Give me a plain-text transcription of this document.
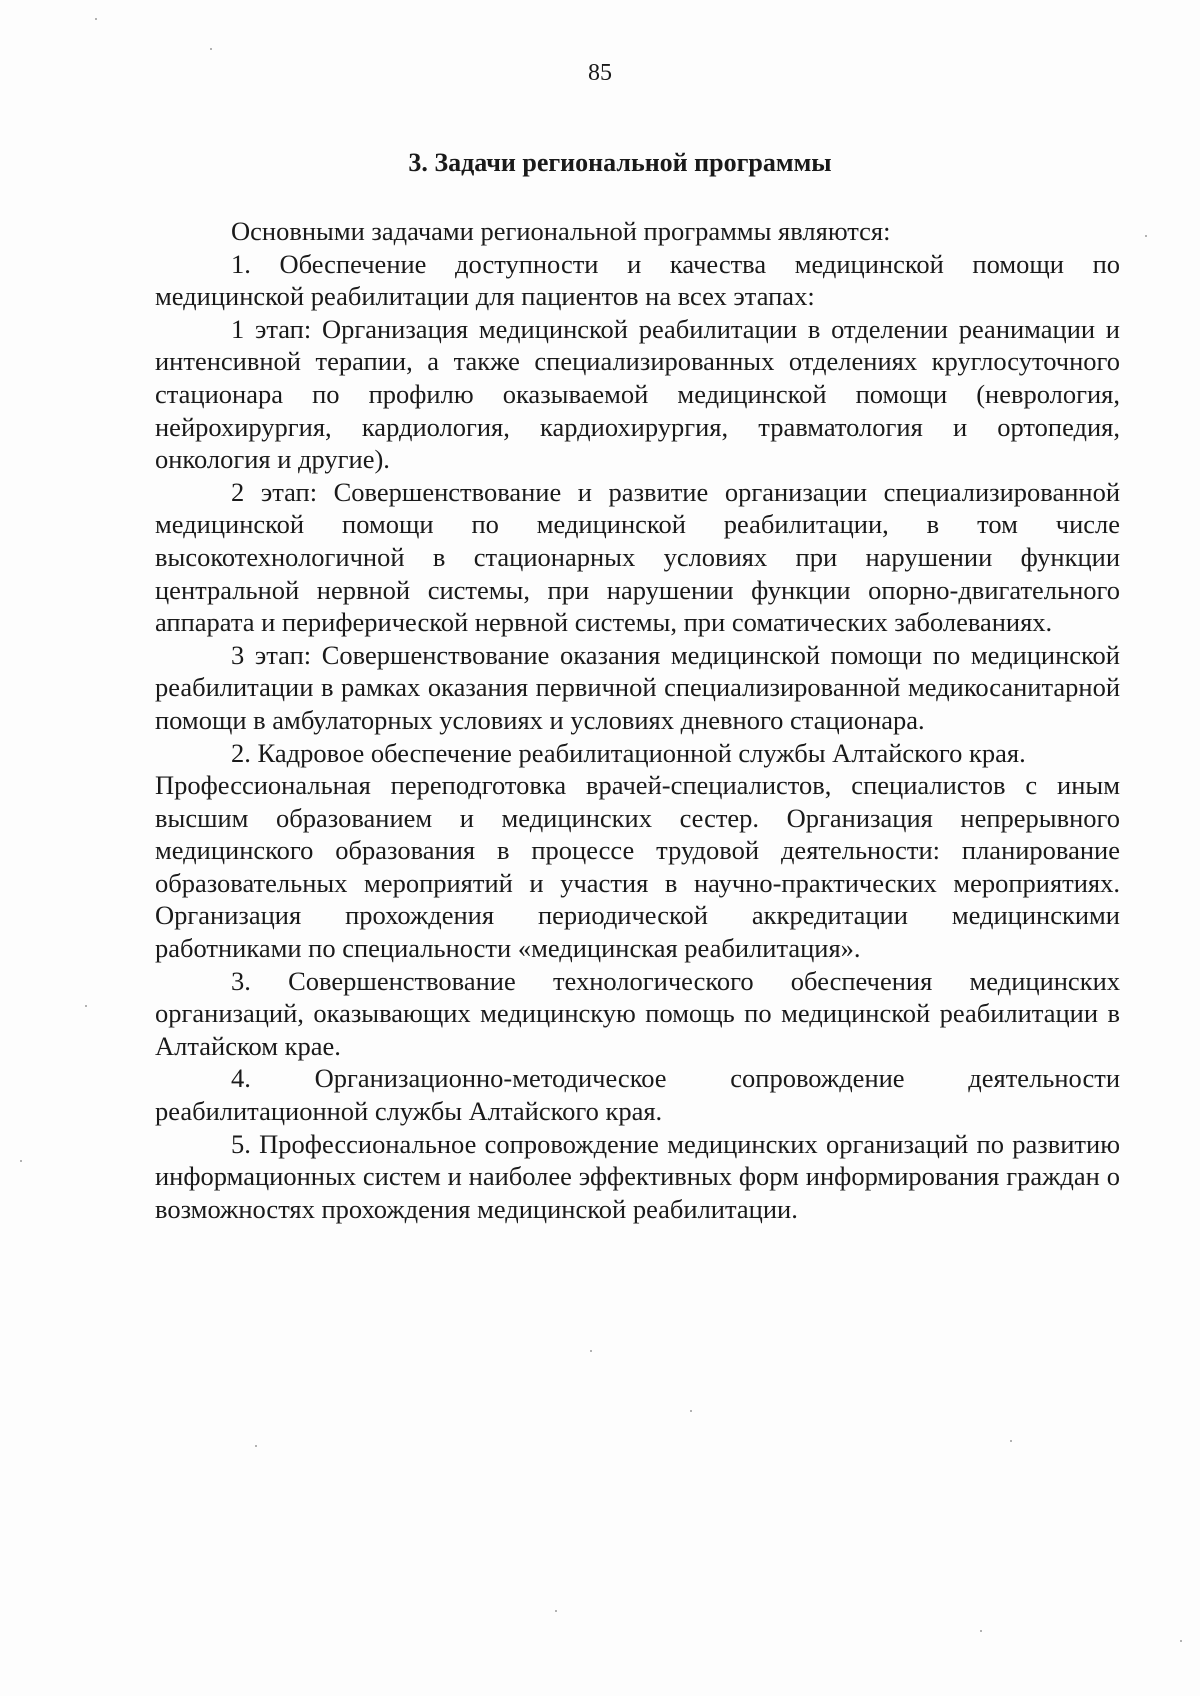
85
3. Задачи региональной программы

Основными задачами региональной программы являются:

1. Обеспечение доступности и качества медицинской помощи по медицинской реабилитации для пациентов на всех этапах:

1 этап: Организация медицинской реабилитации в отделении реанимации и интенсивной терапии, а также специализированных отделениях круглосуточного стационара по профилю оказываемой медицинской помощи (неврология, нейрохирургия, кардиология, кардиохирургия, травматология и ортопедия, онкология и другие).

2 этап: Совершенствование и развитие организации специализированной медицинской помощи по медицинской реабилитации, в том числе высокотехнологичной в стационарных условиях при нарушении функции центральной нервной системы, при нарушении функции опорно-двигательного аппарата и периферической нервной системы, при соматических заболеваниях.

3 этап: Совершенствование оказания медицинской помощи по медицинской реабилитации в рамках оказания первичной специализированной медикосанитарной помощи в амбулаторных условиях и условиях дневного стационара.

2. Кадровое обеспечение реабилитационной службы Алтайского края.

Профессиональная переподготовка врачей-специалистов, специалистов с иным высшим образованием и медицинских сестер. Организация непрерывного медицинского образования в процессе трудовой деятельности: планирование образовательных мероприятий и участия в научно-практических мероприятиях. Организация прохождения периодической аккредитации медицинскими работниками по специальности «медицинская реабилитация».

3. Совершенствование технологического обеспечения медицинских организаций, оказывающих медицинскую помощь по медицинской реабилитации в Алтайском крае.

4. Организационно-методическое сопровождение деятельности реабилитационной службы Алтайского края.

5. Профессиональное сопровождение медицинских организаций по развитию информационных систем и наиболее эффективных форм информирования граждан о возможностях прохождения медицинской реабилитации.
